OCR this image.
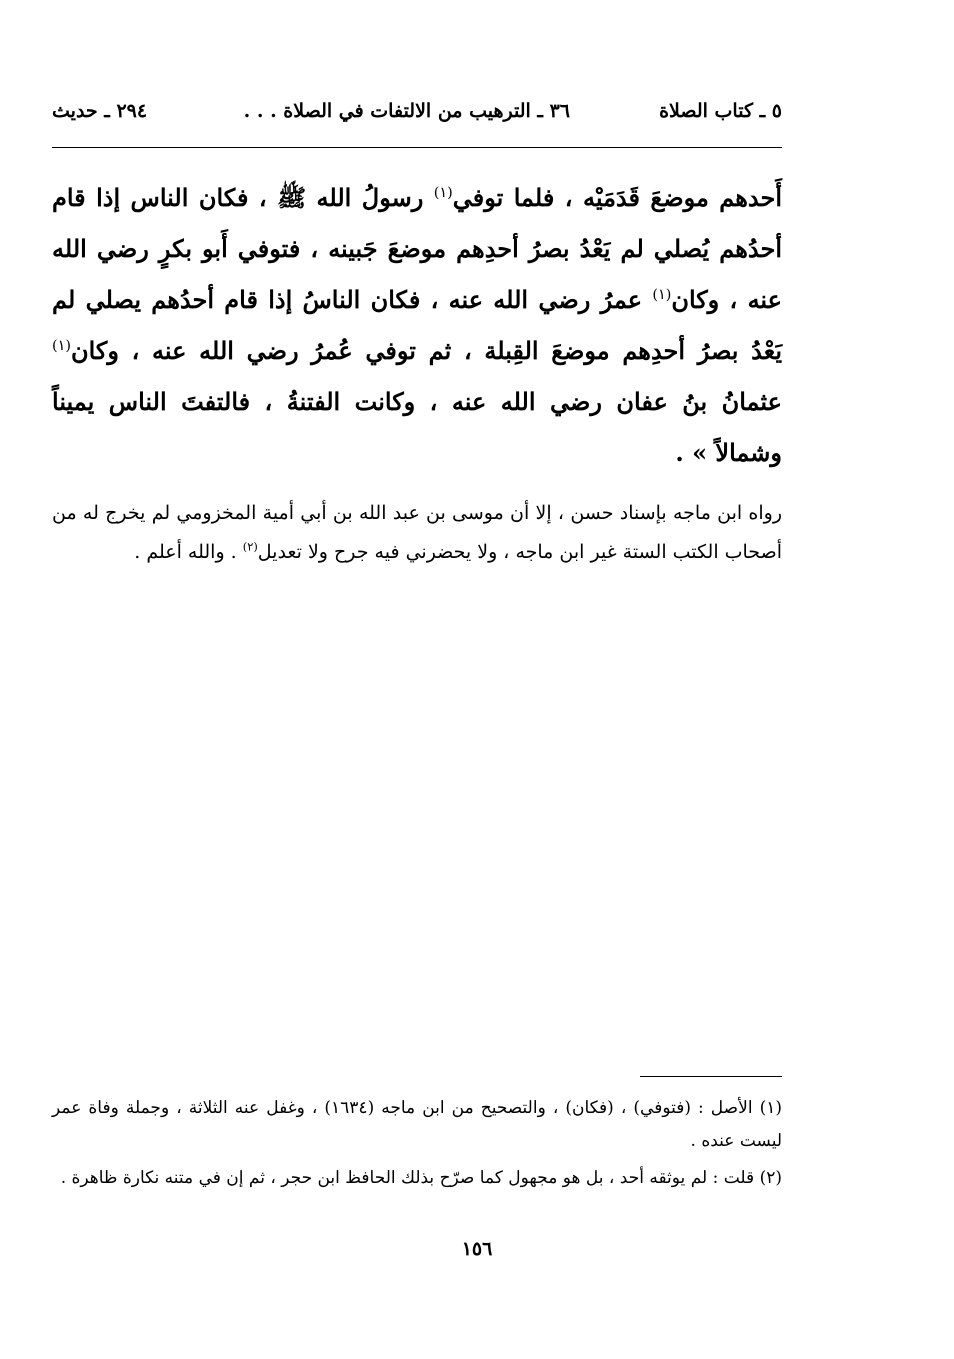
٥ ـ كتاب الصلاة
٣٦ ـ الترهيب من الالتفات في الصلاة . . .
٢٩٤ ـ حديث

أَحدهم موضعَ قَدَمَيْه ، فلما توفي$^{(١)}$ رسولُ الله ﷺ ، فكان الناس إذا قام أحدُهم يُصلي لم يَعْدُ بصرُ أحدِهم موضعَ جَبينه ، فتوفي أَبو بكرٍ رضي الله عنه ، وكان$^{(١)}$ عمرُ رضي الله عنه ، فكان الناسُ إذا قام أحدُهم يصلي لم يَعْدُ بصرُ أحدِهم موضعَ القِبلة ، ثم توفي عُمرُ رضي الله عنه ، وكان$^{(١)}$ عثمانُ بنُ عفان رضي الله عنه ، وكانت الفتنةُ ، فالتفتَ الناس يميناً وشمالاً » .

رواه ابن ماجه بإسناد حسن ، إلا أن موسى بن عبد الله بن أبي أمية المخزومي لم يخرج له من أصحاب الكتب الستة غير ابن ماجه ، ولا يحضرني فيه جرح ولا تعديل$^{(٢)}$ . والله أعلم .

(١) الأصل : (فتوفي) ، (فكان) ، والتصحيح من ابن ماجه (١٦٣٤) ، وغفل عنه الثلاثة ، وجملة وفاة عمر ليست عنده .

(٢) قلت : لم يوثقه أحد ، بل هو مجهول كما صرّح بذلك الحافظ ابن حجر ، ثم إن في متنه نكارة ظاهرة .

١٥٦
